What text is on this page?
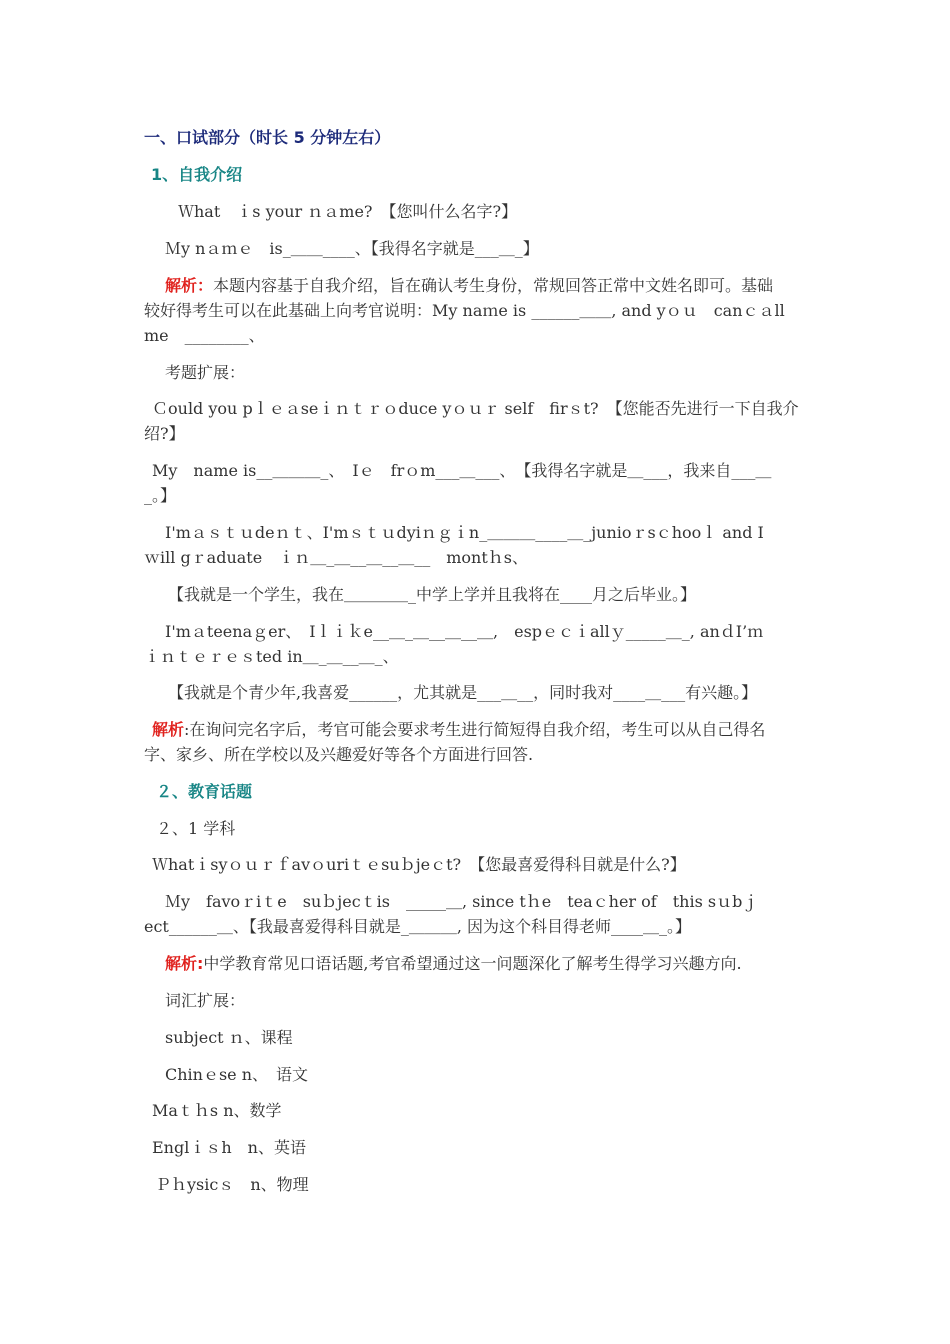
一、口试部分（时长 5 分钟左右）
1、自我介绍
Ｗhat　ｉs your ｎａme?　【您叫什么名字?】
Ｍy nａｍｅ　is_＿＿____、【我得名字就是___＿_】
解析：本题内容基于自我介绍，旨在确认考生身份，常规回答正常中文姓名即可。基础
较好得考生可以在此基础上向考官说明：My naｍe is ______＿＿, and yｏｕ　canｃａll
me　________、
考题扩展：
Ｃould you pｌｅａseｉｎｔｒｏduce yｏｕｒ self　firｓt?　【您能否先进行一下自我介
绍?】
My　name is__＿＿＿_、　Iｅ　frｏm___＿___、　【我得名字就是＿___，我来自___＿
_。】
I'mａｓｔｕdeｎｔ、I'mｓｔｕdyiｎｇｉn_＿＿＿____＿_junioｒsｃhooｌ and I
ｗill gｒaduate　ｉｎ＿_＿__＿__＿__　montｈs、
【我就是一个学生，我在＿＿＿＿_中学上学并且我将在____月之后毕业。】
I'mａteenaｇer、　Iｌｉｋe__＿_＿__＿__＿,　espｅｃｉallｙ_____＿_, anｄI’ｍ
ｉｎｔｅｒｅｓted in＿_＿__＿_、
【我就是个青少年,我喜爱______，尤其就是___＿__，同时我对____＿___有兴趣。】
解析:在询问完名字后，考官可能会要求考生进行简短得自我介绍，考生可以从自己得名
字、家乡、所在学校以及兴趣爱好等各个方面进行回答.
２、教育话题
２、1 学科
Ｗhatｉsyｏｕｒｆavｏuriｔｅsuｂjeｃt?　【您最喜爱得科目就是什么?】
Ｍy　favoｒiｔe　suｂjecｔis　_____＿, since tｈe　teaｃher of　this sｕbｊ
ect______＿、【我最喜爱得科目就是_＿＿＿, 因为这个科目得老师____＿_。】
解析:中学教育常见口语话题,考官希望通过这一问题深化了解考生得学习兴趣方向.
词汇扩展：
subject ｎ、课程
Chinｅse n、　语文
Maｔｈs n、数学
Englｉｓh　n、英语
Ｐｈysicｓ　n、物理
